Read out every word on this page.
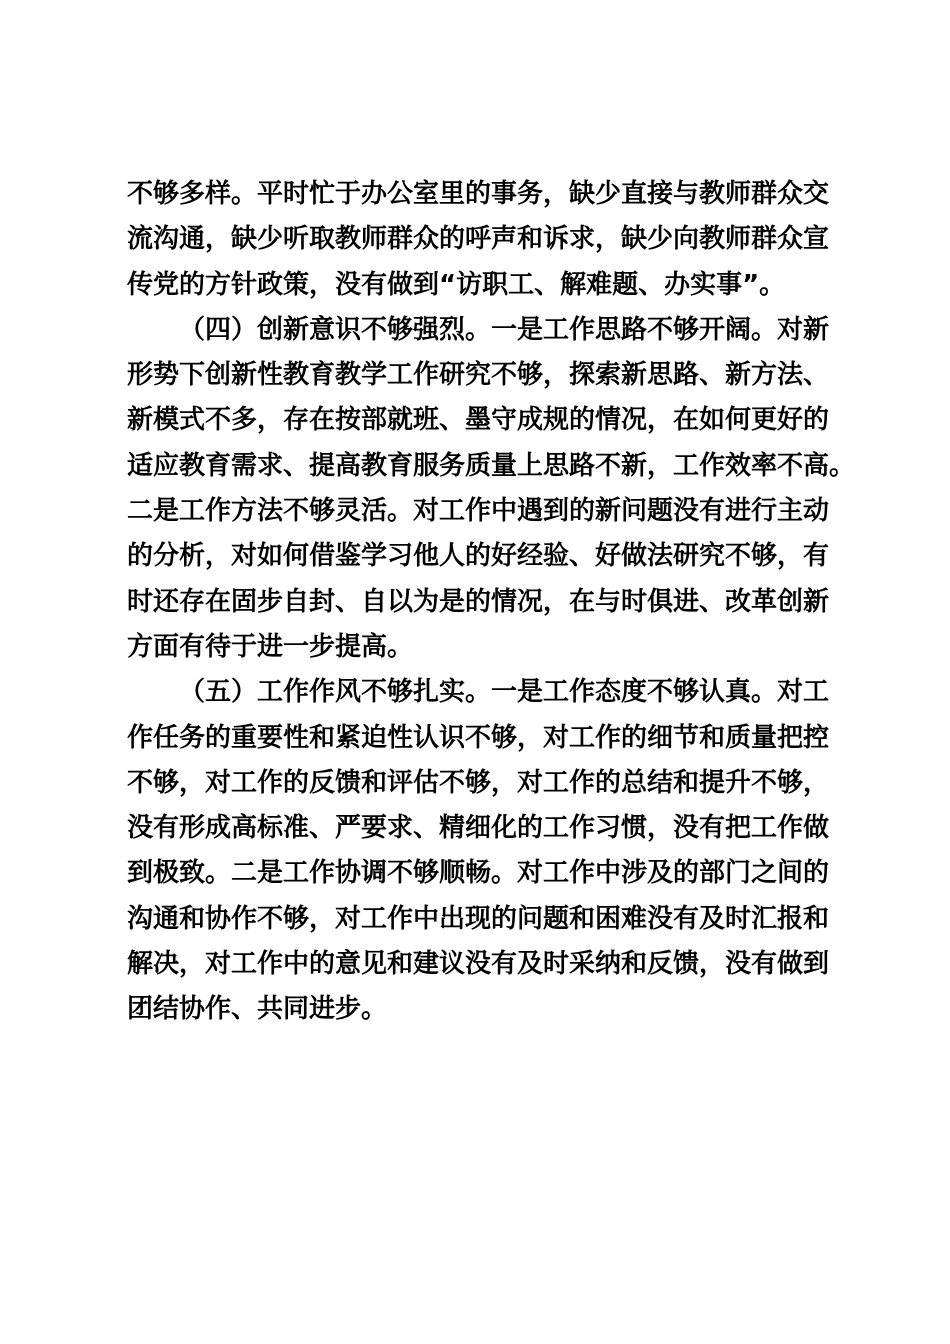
不够多样。平时忙于办公室里的事务，缺少直接与教师群众交
流沟通，缺少听取教师群众的呼声和诉求，缺少向教师群众宣
传党的方针政策，没有做到“访职工、解难题、办实事”。

（四）创新意识不够强烈。一是工作思路不够开阔。对新
形势下创新性教育教学工作研究不够，探索新思路、新方法、
新模式不多，存在按部就班、墨守成规的情况，在如何更好的
适应教育需求、提高教育服务质量上思路不新，工作效率不高。
二是工作方法不够灵活。对工作中遇到的新问题没有进行主动
的分析，对如何借鉴学习他人的好经验、好做法研究不够，有
时还存在固步自封、自以为是的情况，在与时俱进、改革创新
方面有待于进一步提高。

（五）工作作风不够扎实。一是工作态度不够认真。对工
作任务的重要性和紧迫性认识不够，对工作的细节和质量把控
不够，对工作的反馈和评估不够，对工作的总结和提升不够，
没有形成高标准、严要求、精细化的工作习惯，没有把工作做
到极致。二是工作协调不够顺畅。对工作中涉及的部门之间的
沟通和协作不够，对工作中出现的问题和困难没有及时汇报和
解决，对工作中的意见和建议没有及时采纳和反馈，没有做到
团结协作、共同进步。
